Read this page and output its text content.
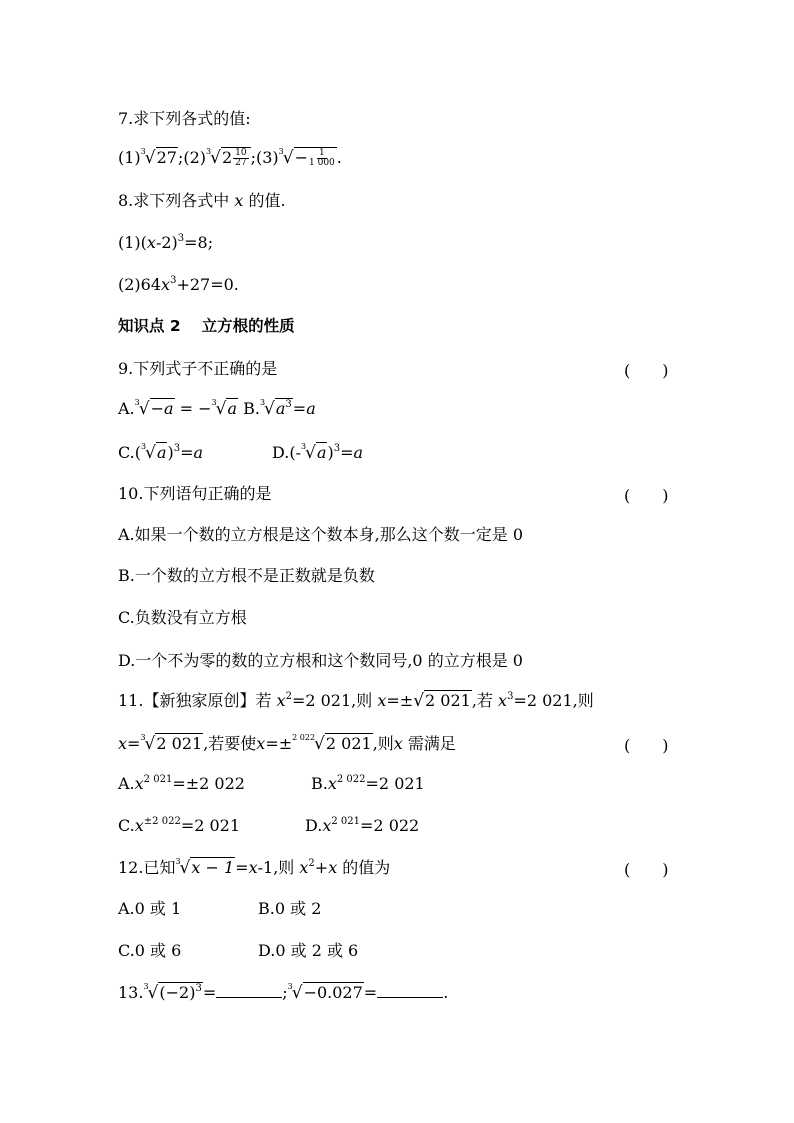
7.求下列各式的值:
$(1)^3√27;(2)^3√2 \frac{10}{27}$ $;(3)^3√- \frac{1}{1 000}$ .
8.求下列各式中 x 的值.
$(1)(x-2)^3=8$;
$(2)64x^3+27=0$.
知识点 2　 立方根的性质
9.下列式子不正确的是	(　　)
A.$^3$√−a = −$^3$√a $B.^3√a^3=a$
$C.(^3√a)^3=a$	$D.(-^3√a)^3=a$
10.下列语句正确的是	(　　)
A.如果一个数的立方根是这个数本身,那么这个数一定是 0
B.一个数的立方根不是正数就是负数
C.负数没有立方根
D.一个不为零的数的立方根和这个数同号,0 的立方根是 0
11.【新独家原创】若 $x^2=2$ 021,则 x=±√2 021,若 $x^3=2$ 021,则
x=$^3$√2 021,若要使x=±$^{2 022}$√2 021,则x 需满足	(　　)
$A.x^{2 021}=\pm 2$ 022	$B.x^{2 022}=2$ 021
$C.x^{\pm 2 022}=2$ 021	$D.x^{2 021}=2$ 022
12.已知$^3$√x − 1=x-1,则 $x^2+x$ 的值为	(　　)
A.0 或 1	B.0 或 2
C.0 或 6	D.0 或 2 或 6
$13.^3√(-2)^3=$	;$^3$√−0.027=	.
